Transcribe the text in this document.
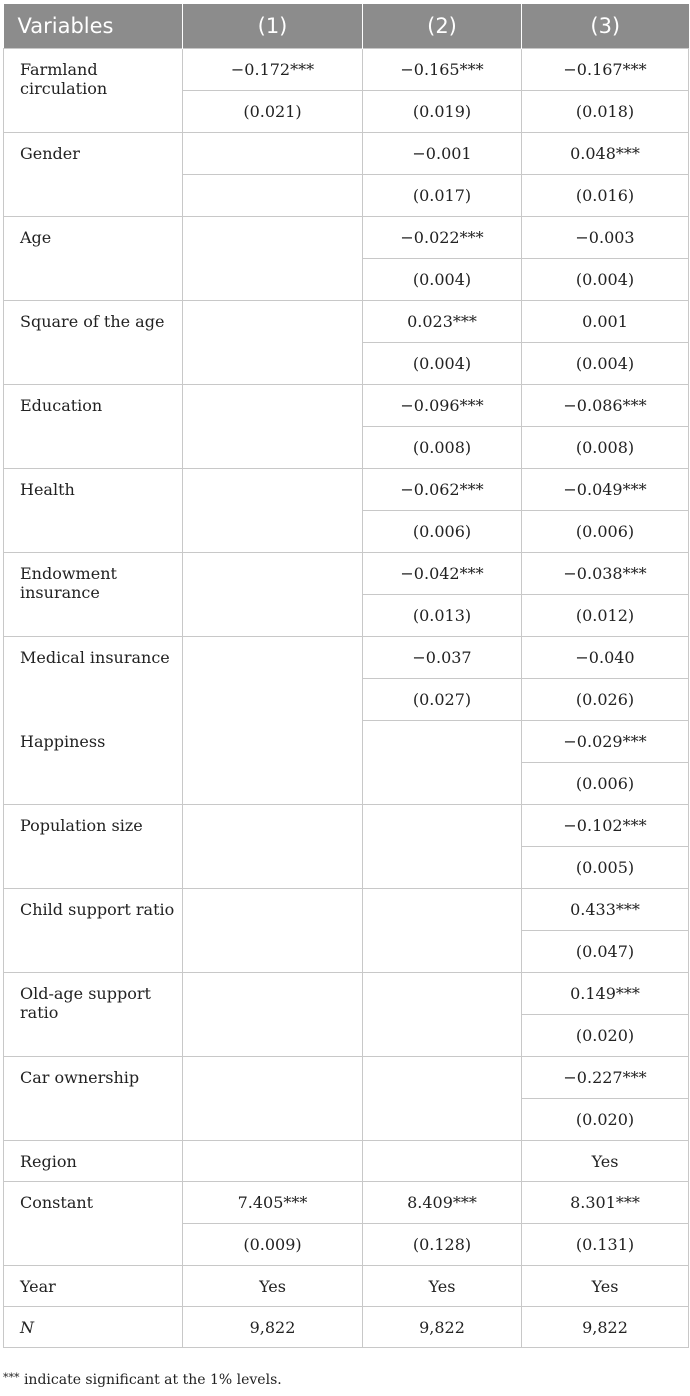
Variables	(1)	(2)	(3)
Farmland circulation	−0.172***	−0.165***	−0.167***
	(0.021)	(0.019)	(0.018)
Gender		−0.001	0.048***
		(0.017)	(0.016)
Age		−0.022***	−0.003
		(0.004)	(0.004)
Square of the age		0.023***	0.001
		(0.004)	(0.004)
Education		−0.096***	−0.086***
		(0.008)	(0.008)
Health		−0.062***	−0.049***
		(0.006)	(0.006)
Endowment insurance		−0.042***	−0.038***
		(0.013)	(0.012)
Medical insurance		−0.037	−0.040
		(0.027)	(0.026)
Happiness			−0.029***
			(0.006)
Population size			−0.102***
			(0.005)
Child support ratio			0.433***
			(0.047)
Old-age support ratio			0.149***
			(0.020)
Car ownership			−0.227***
			(0.020)
Region			Yes
Constant	7.405***	8.409***	8.301***
	(0.009)	(0.128)	(0.131)
Year	Yes	Yes	Yes
N	9,822	9,822	9,822
*** indicate significant at the 1% levels.
